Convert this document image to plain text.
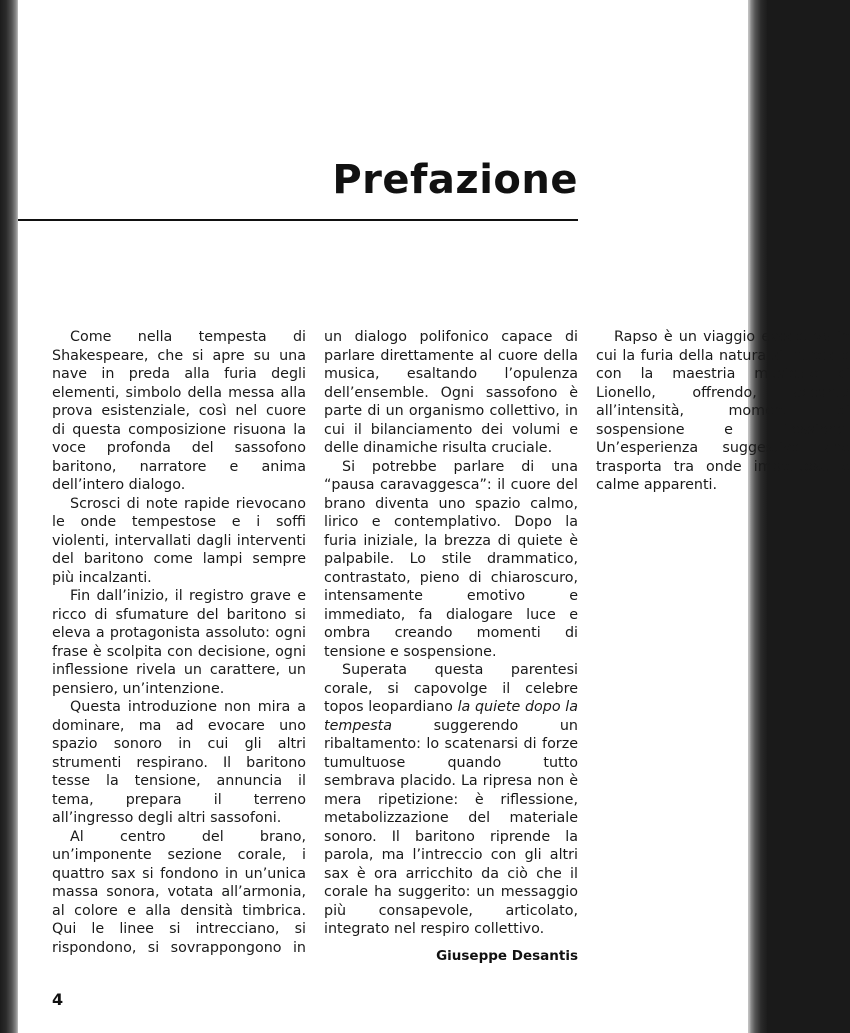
Prefazione

Come nella tempesta di Shakespeare, che si apre su una nave in preda alla furia degli elementi, simbolo della messa alla prova esistenziale, così nel cuore di questa composizione risuona la voce profonda del sassofono baritono, narratore e anima dell’intero dialogo.

Scrosci di note rapide rievocano le onde tempestose e i soffi violenti, intervallati dagli interventi del baritono come lampi sempre più incalzanti.

Fin dall’inizio, il registro grave e ricco di sfumature del baritono si eleva a protagonista assoluto: ogni frase è scolpita con decisione, ogni inflessione rivela un carattere, un pensiero, un’intenzione.

Questa introduzione non mira a dominare, ma ad evocare uno spazio sonoro in cui gli altri strumenti respirano. Il baritono tesse la tensione, annuncia il tema, prepara il terreno all’ingresso degli altri sassofoni.

Al centro del brano, un’imponente sezione corale, i quattro sax si fondono in un’unica massa sonora, votata all’armonia, al colore e alla densità timbrica. Qui le linee si intrecciano, si rispondono, si sovrappongono in un dialogo polifonico capace di parlare direttamente al cuore della musica, esaltando l’opulenza dell’ensemble. Ogni sassofono è parte di un organismo collettivo, in cui il bilanciamento dei volumi e delle dinamiche risulta cruciale.

Si potrebbe parlare di una “pausa caravaggesca”: il cuore del brano diventa uno spazio calmo, lirico e contemplativo. Dopo la furia iniziale, la brezza di quiete è palpabile. Lo stile drammatico, contrastato, pieno di chiaroscuro, intensamente emotivo e immediato, fa dialogare luce e ombra creando momenti di tensione e sospensione.

Superata questa parentesi corale, si capovolge il celebre topos leopardiano la quiete dopo la tempesta suggerendo un ribaltamento: lo scatenarsi di forze tumultuose quando tutto sembrava placido. La ripresa non è mera ripetizione: è riflessione, metabolizzazione del materiale sonoro. Il baritono riprende la parola, ma l’intreccio con gli altri sax è ora arricchito da ciò che il corale ha suggerito: un messaggio più consapevole, articolato, integrato nel respiro collettivo.

Rapso è un viaggio evocativo in cui la furia della natura si intreccia con la maestria musicale di Lionello, offrendo, accanto all’intensità, momenti di sospensione e riflessione. Un’esperienza suggestiva che trasporta tra onde impetuose e calme apparenti.

Giuseppe Desantis

4
